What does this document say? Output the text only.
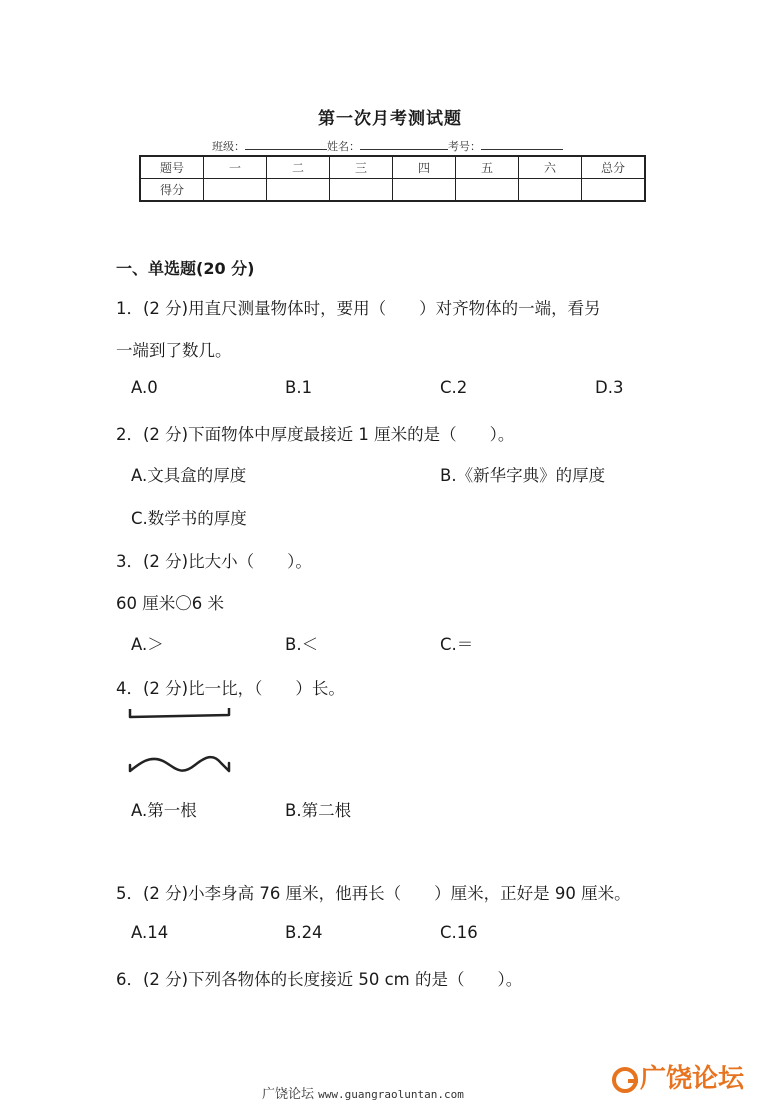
第一次月考测试题
班级：	姓名：	考号：
题号	一	二	三	四	五	六	总分
得分							
一、单选题(20 分)
1．(2 分)用直尺测量物体时，要用（　　）对齐物体的一端，看另
一端到了数几。
A.0	B.1	C.2	D.3
2．(2 分)下面物体中厚度最接近 1 厘米的是（　　）。
A.文具盒的厚度	B.《新华字典》的厚度
C.数学书的厚度
3．(2 分)比大小（　　）。
60 厘米〇6 米
A.＞	B.＜	C.＝
4．(2 分)比一比，（　　）长。
A.第一根	B.第二根
5．(2 分)小李身高 76 厘米，他再长（　　）厘米，正好是 90 厘米。
A.14	B.24	C.16
6．(2 分)下列各物体的长度接近 50 cm 的是（　　）。
广饶论坛 www.guangraoluntan.com
广饶论坛
